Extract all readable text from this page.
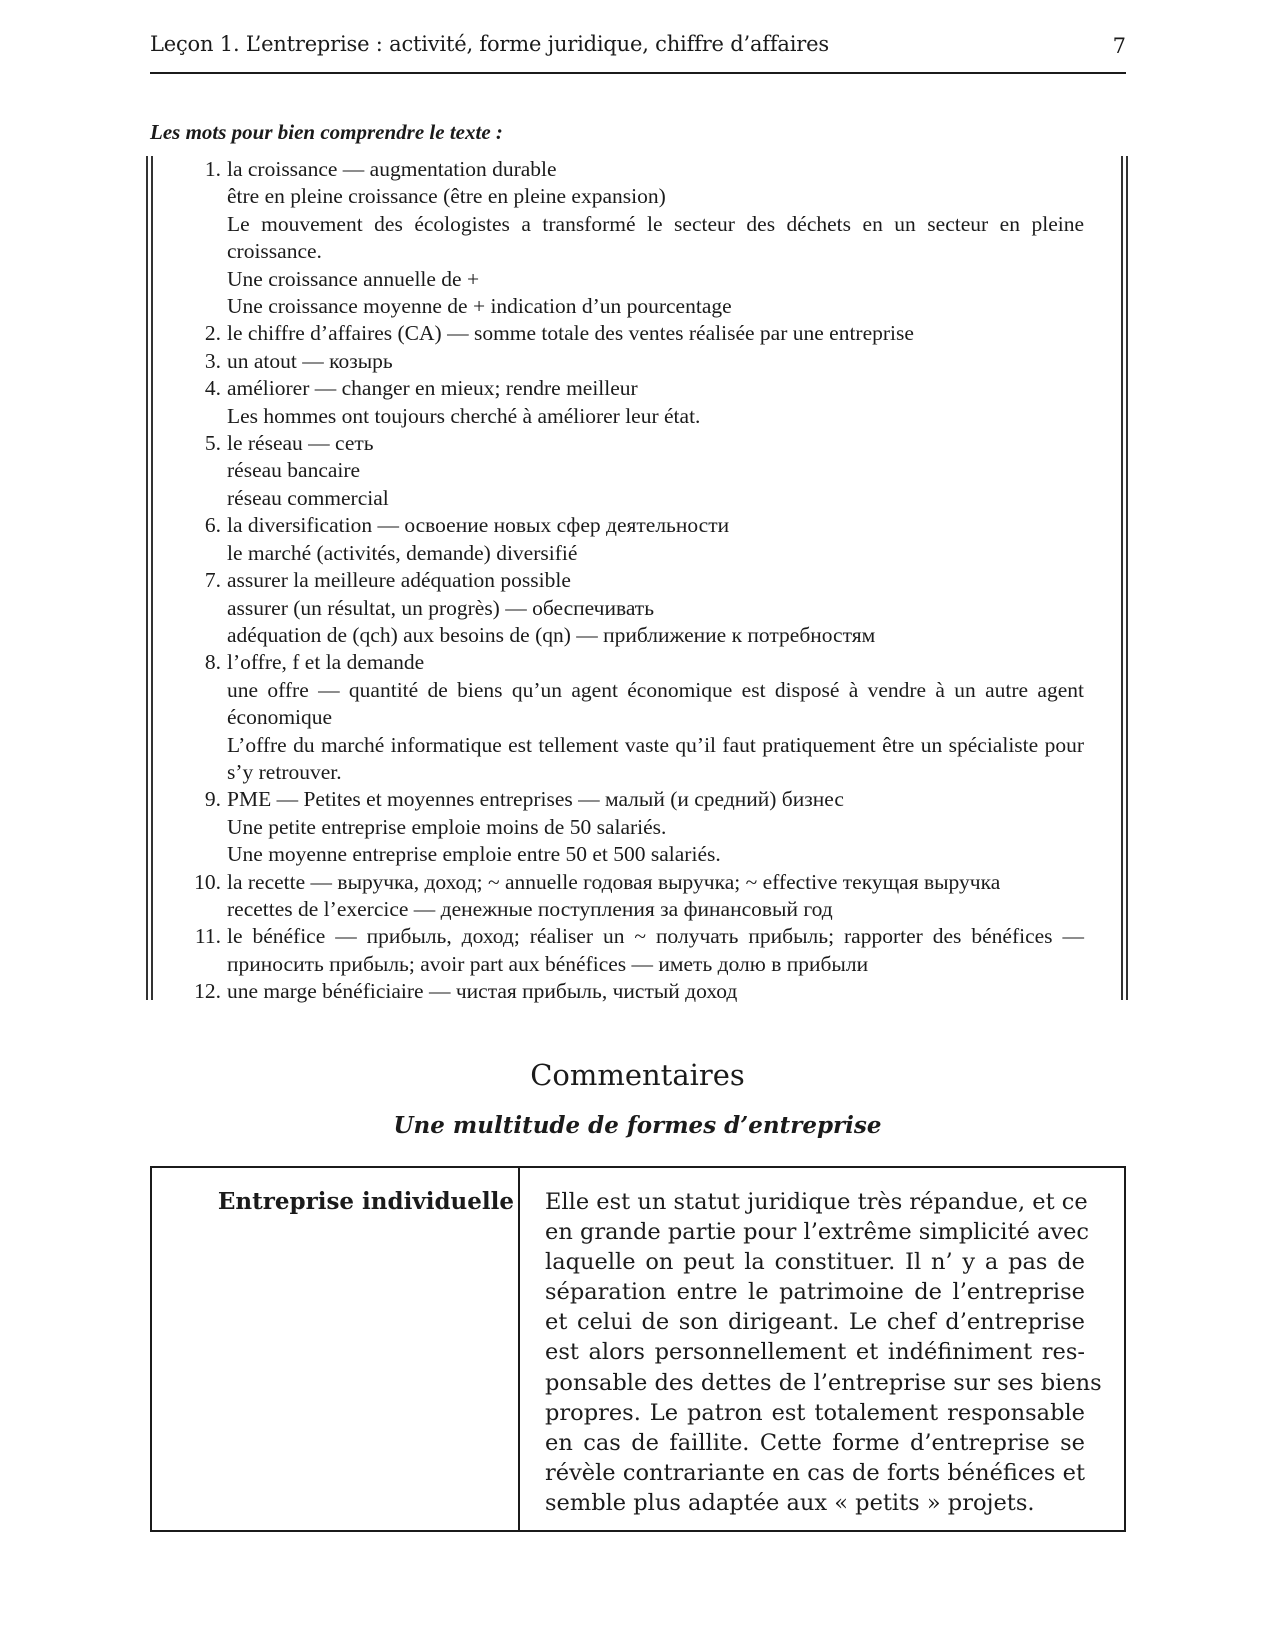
Leçon 1. L’entreprise : activité, forme juridique, chiffre d’affaires	7
Les mots pour bien comprendre le texte :
1. la croissance — augmentation durable
être en pleine croissance (être en pleine expansion)
Le mouvement des écologistes a transformé le secteur des déchets en un secteur en pleine croissance.
Une croissance annuelle de +
Une croissance moyenne de + indication d’un pourcentage
2. le chiffre d’affaires (CA) — somme totale des ventes réalisée par une entreprise
3. un atout — козырь
4. améliorer — changer en mieux; rendre meilleur
Les hommes ont toujours cherché à améliorer leur état.
5. le réseau — сеть
réseau bancaire
réseau commercial
6. la diversification — освоение новых сфер деятельности
le marché (activités, demande) diversifié
7. assurer la meilleure adéquation possible
assurer (un résultat, un progrès) — обеспечивать
adéquation de (qch) aux besoins de (qn) — приближение к потребностям
8. l’offre, f et la demande
une offre — quantité de biens qu’un agent économique est disposé à vendre à un autre agent économique
L’offre du marché informatique est tellement vaste qu’il faut pratiquement être un spécialiste pour s’y retrouver.
9. PME — Petites et moyennes entreprises — малый (и средний) бизнес
Une petite entreprise emploie moins de 50 salariés.
Une moyenne entreprise emploie entre 50 et 500 salariés.
10. la recette — выручка, доход; ~ annuelle годовая выручка; ~ effective текущая выручка
recettes de l’exercice — денежные поступления за финансовый год
11. le bénéfice — прибыль, доход; réaliser un ~ получать прибыль; rapporter des bénéfices — приносить прибыль; avoir part aux bénéfices — иметь долю в прибыли
12. une marge bénéficiaire — чистая прибыль, чистый доход
Commentaires
Une multitude de formes d’entreprise
Entreprise individuelle Elle est un statut juridique très répandue, et ce
en grande partie pour l’extrême simplicité avec
laquelle on peut la constituer. Il n’ y a pas de
séparation entre le patrimoine de l’entreprise
et celui de son dirigeant. Le chef d’entreprise
est alors personnellement et indéfiniment res-
ponsable des dettes de l’entreprise sur ses biens
propres. Le patron est totalement responsable
en cas de faillite. Cette forme d’entreprise se
révèle contrariante en cas de forts bénéfices et
semble plus adaptée aux « petits » projets.
